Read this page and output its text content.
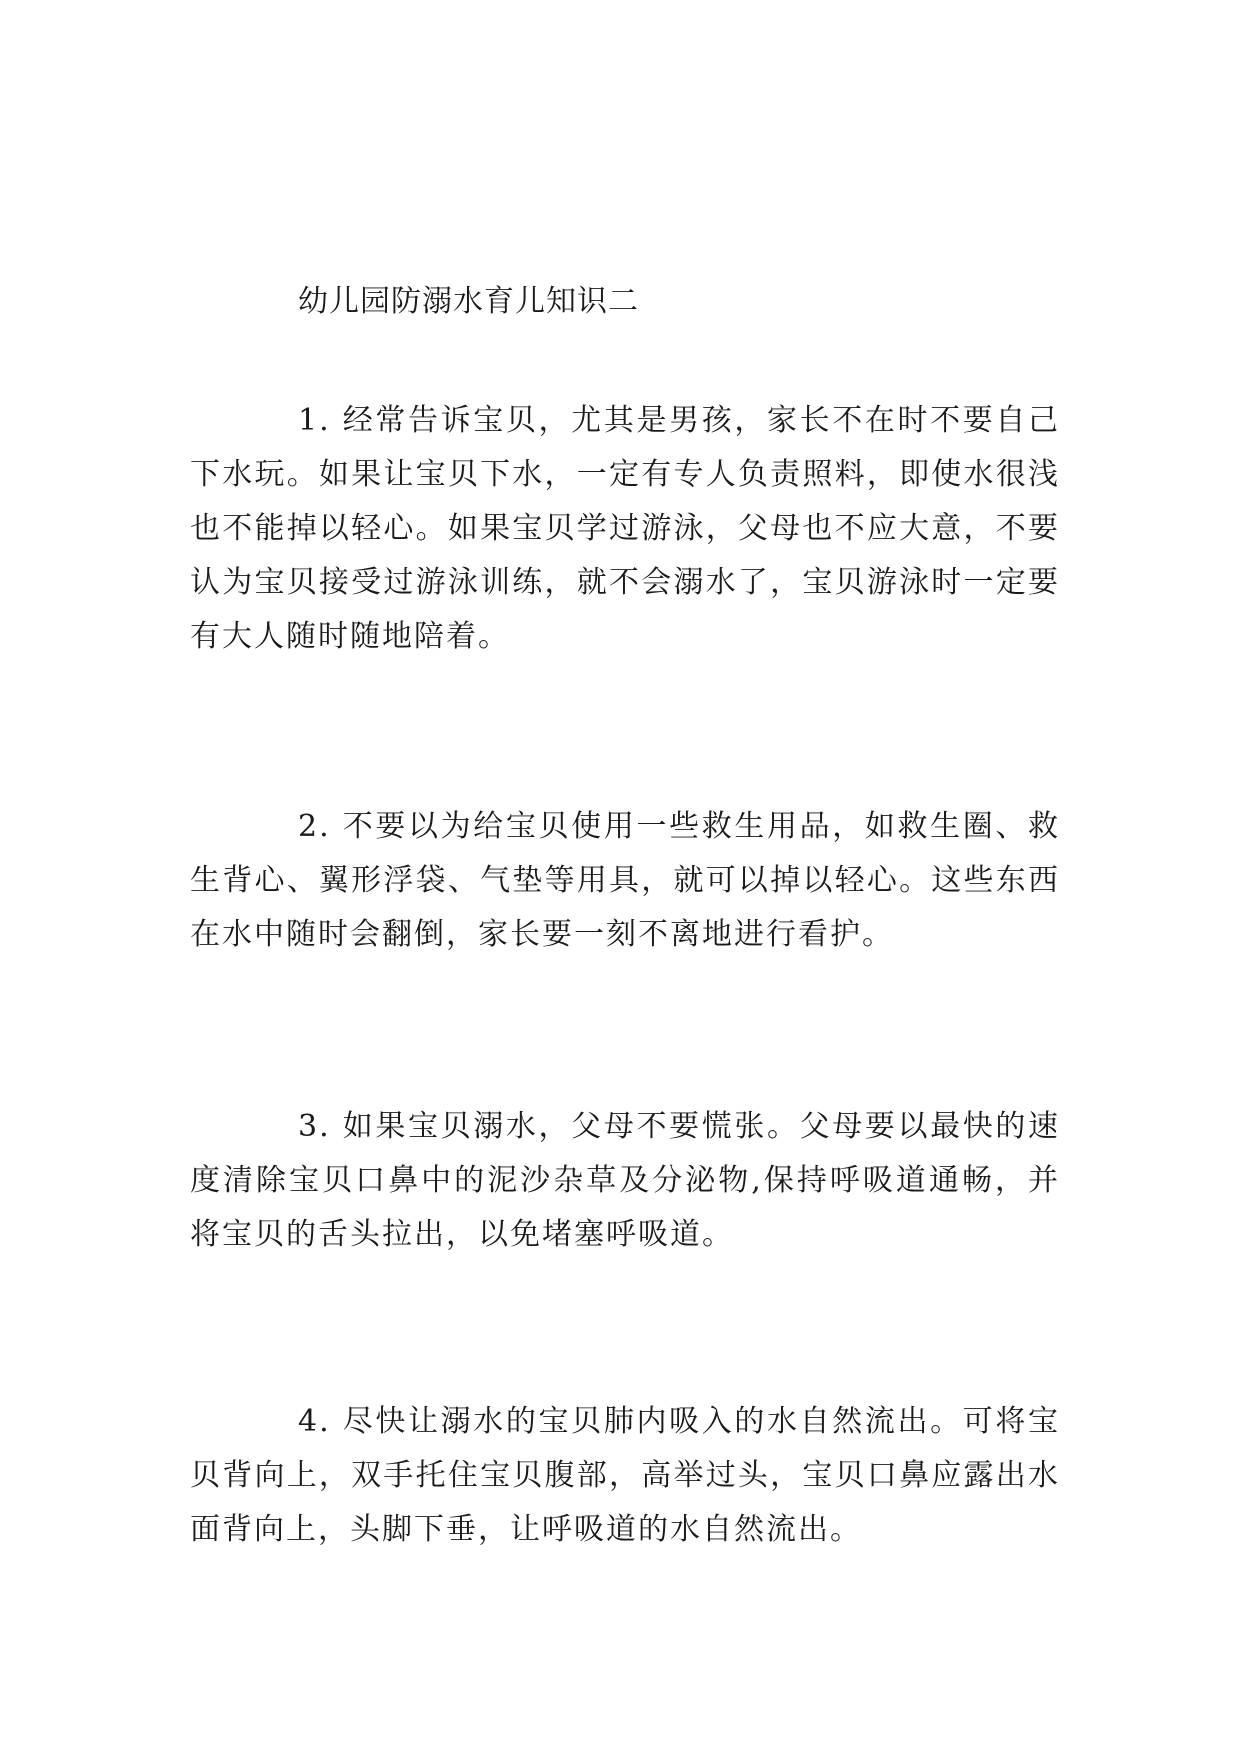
幼儿园防溺水育儿知识二

1. 经常告诉宝贝，尤其是男孩，家长不在时不要自己下水玩。如果让宝贝下水，一定有专人负责照料，即使水很浅也不能掉以轻心。如果宝贝学过游泳，父母也不应大意，不要认为宝贝接受过游泳训练，就不会溺水了，宝贝游泳时一定要有大人随时随地陪着。

2. 不要以为给宝贝使用一些救生用品，如救生圈、救生背心、翼形浮袋、气垫等用具，就可以掉以轻心。这些东西在水中随时会翻倒，家长要一刻不离地进行看护。

3. 如果宝贝溺水，父母不要慌张。父母要以最快的速度清除宝贝口鼻中的泥沙杂草及分泌物,保持呼吸道通畅，并将宝贝的舌头拉出，以免堵塞呼吸道。

4. 尽快让溺水的宝贝肺内吸入的水自然流出。可将宝贝背向上，双手托住宝贝腹部，高举过头，宝贝口鼻应露出水面背向上，头脚下垂，让呼吸道的水自然流出。
